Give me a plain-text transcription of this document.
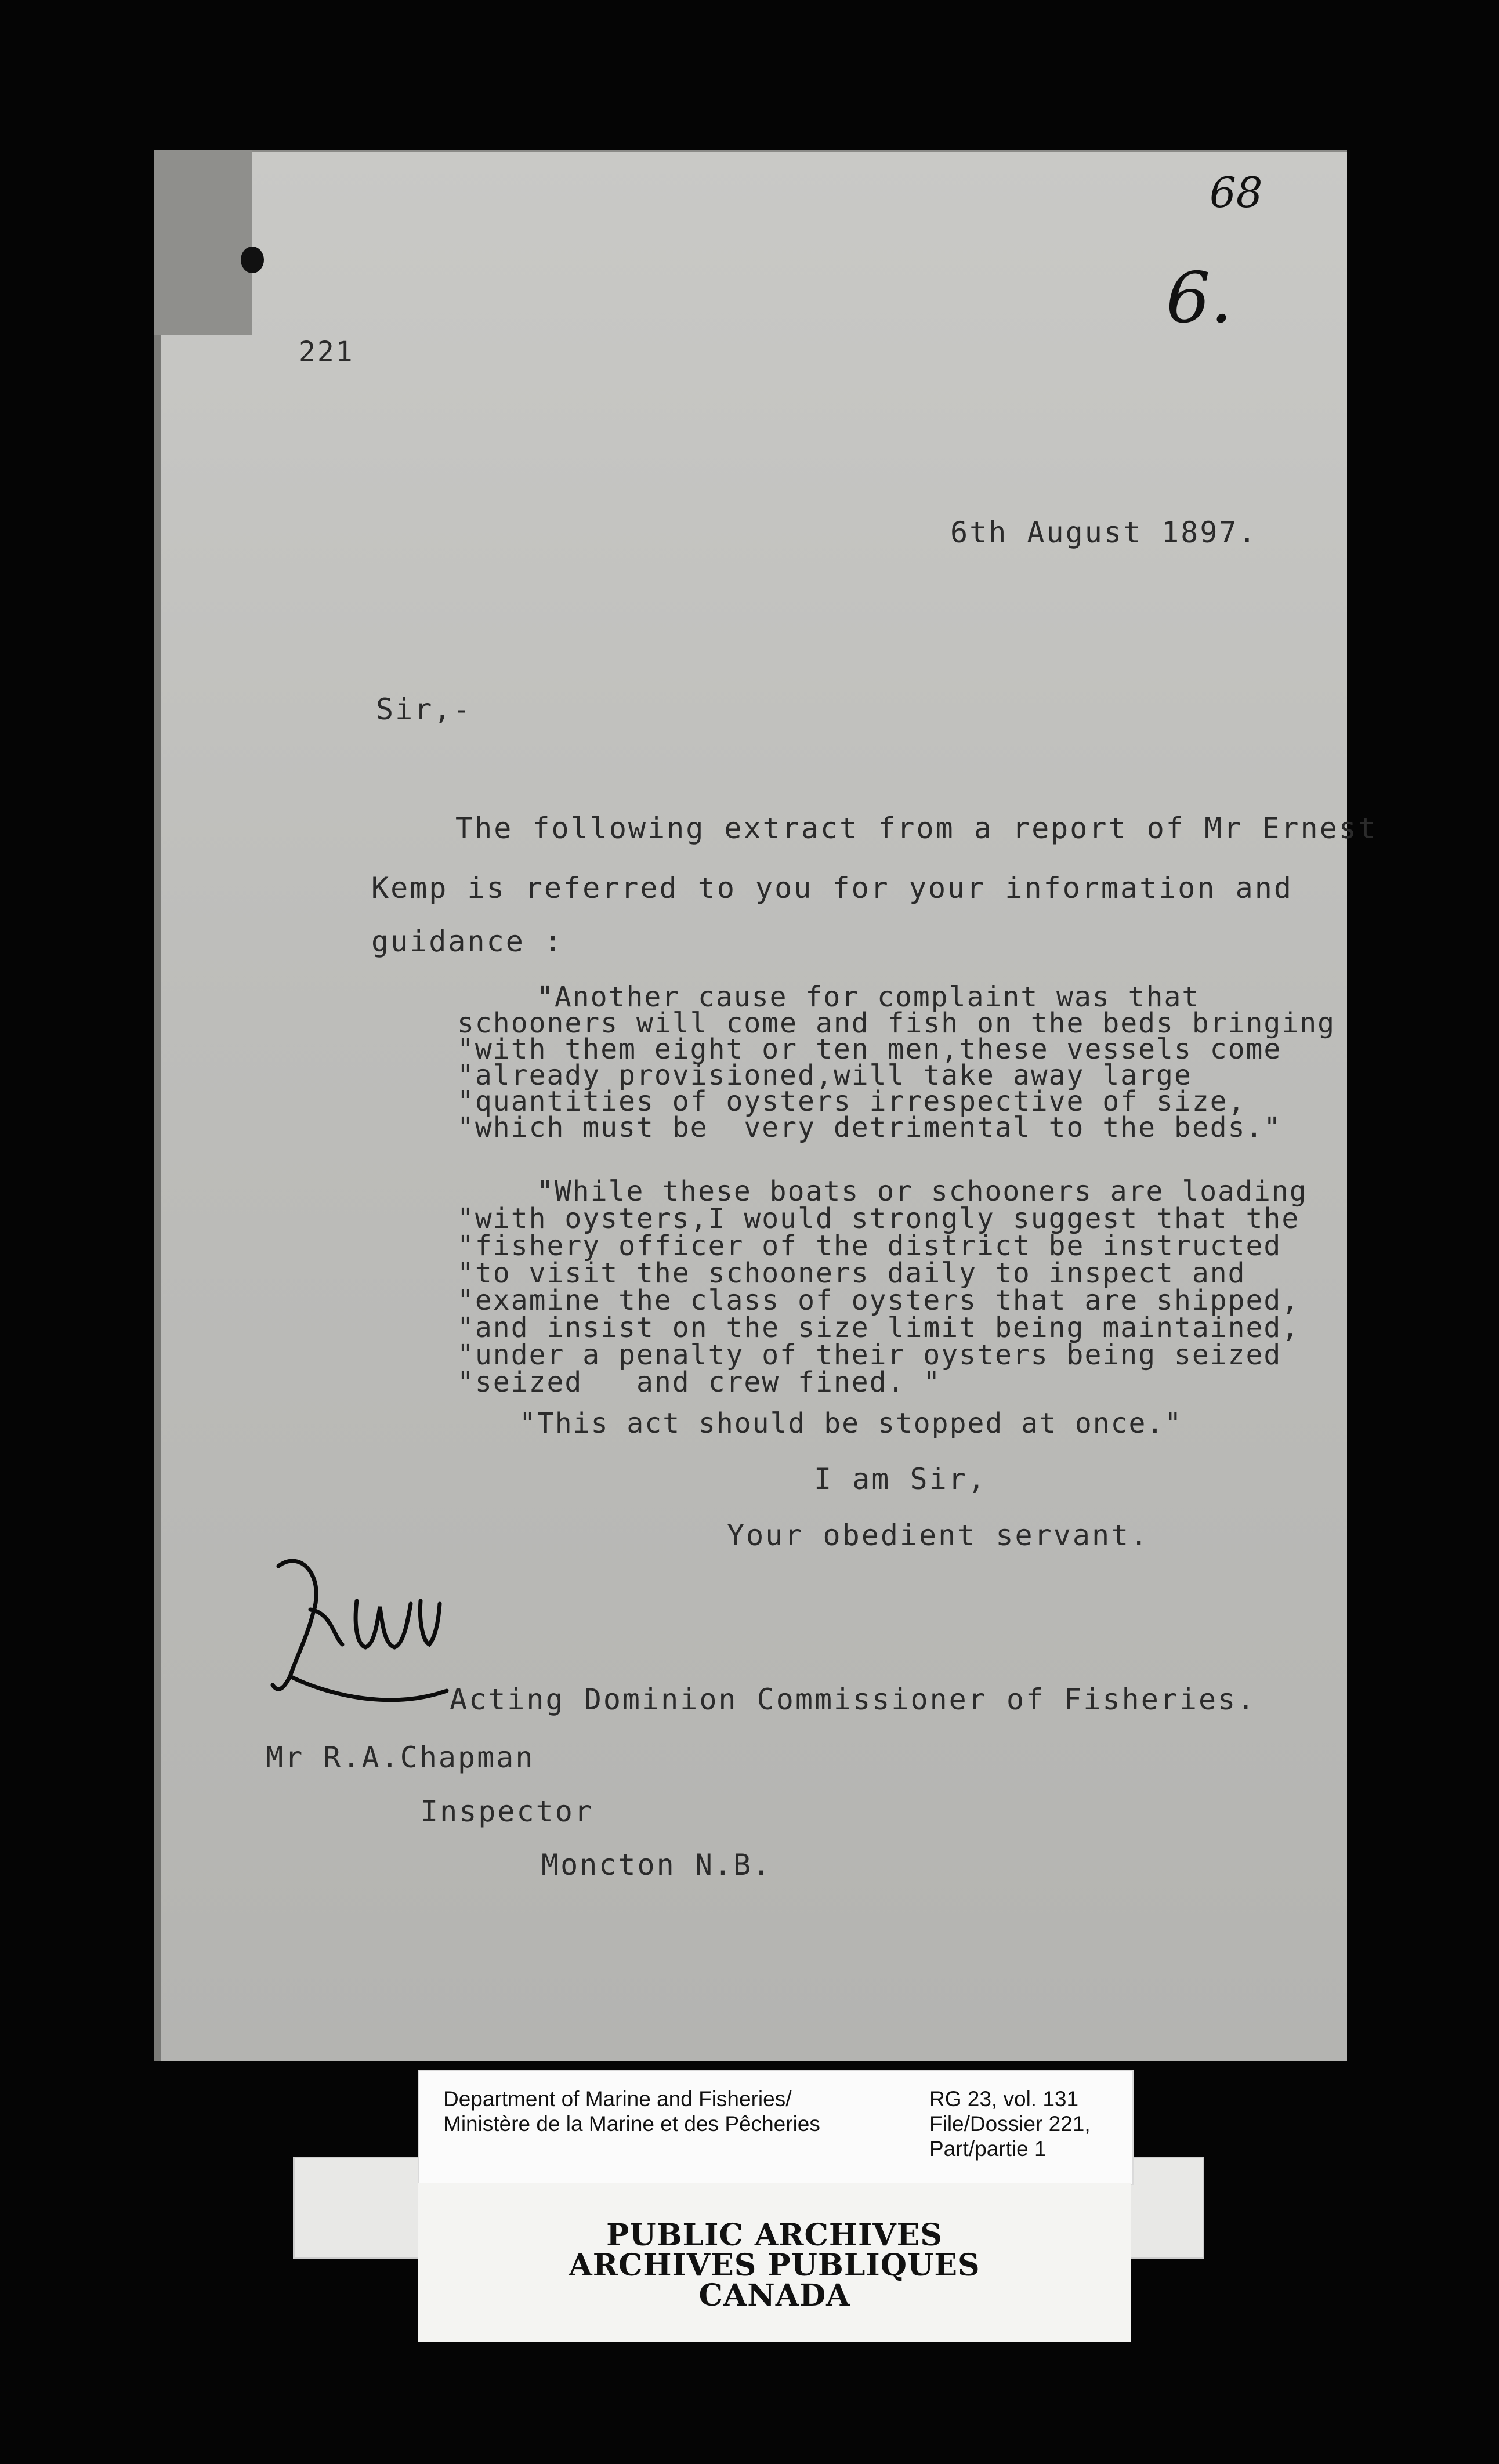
68
6.
221
6th August 1897.
Sir,-
The following extract from a report of Mr Ernest
Kemp is referred to you for your information and
guidance :
"Another cause for complaint was that
schooners will come and fish on the beds bringing
"with them eight or ten men,these vessels come
"already provisioned,will take away large
"quantities of oysters irrespective of size,
"which must be  very detrimental to the beds."
"While these boats or schooners are loading
"with oysters,I would strongly suggest that the
"fishery officer of the district be instructed
"to visit the schooners daily to inspect and
"examine the class of oysters that are shipped,
"and insist on the size limit being maintained,
"under a penalty of their oysters being seized
"seized   and crew fined. "
"This act should be stopped at once."
I am Sir,
Your obedient servant.
Acting Dominion Commissioner of Fisheries.
Mr R.A.Chapman
Inspector
Moncton N.B.
Department of Marine and Fisheries/
Ministère de la Marine et des Pêcheries
RG 23, vol. 131
File/Dossier 221,
Part/partie 1
PUBLIC ARCHIVES
ARCHIVES PUBLIQUES
CANADA
